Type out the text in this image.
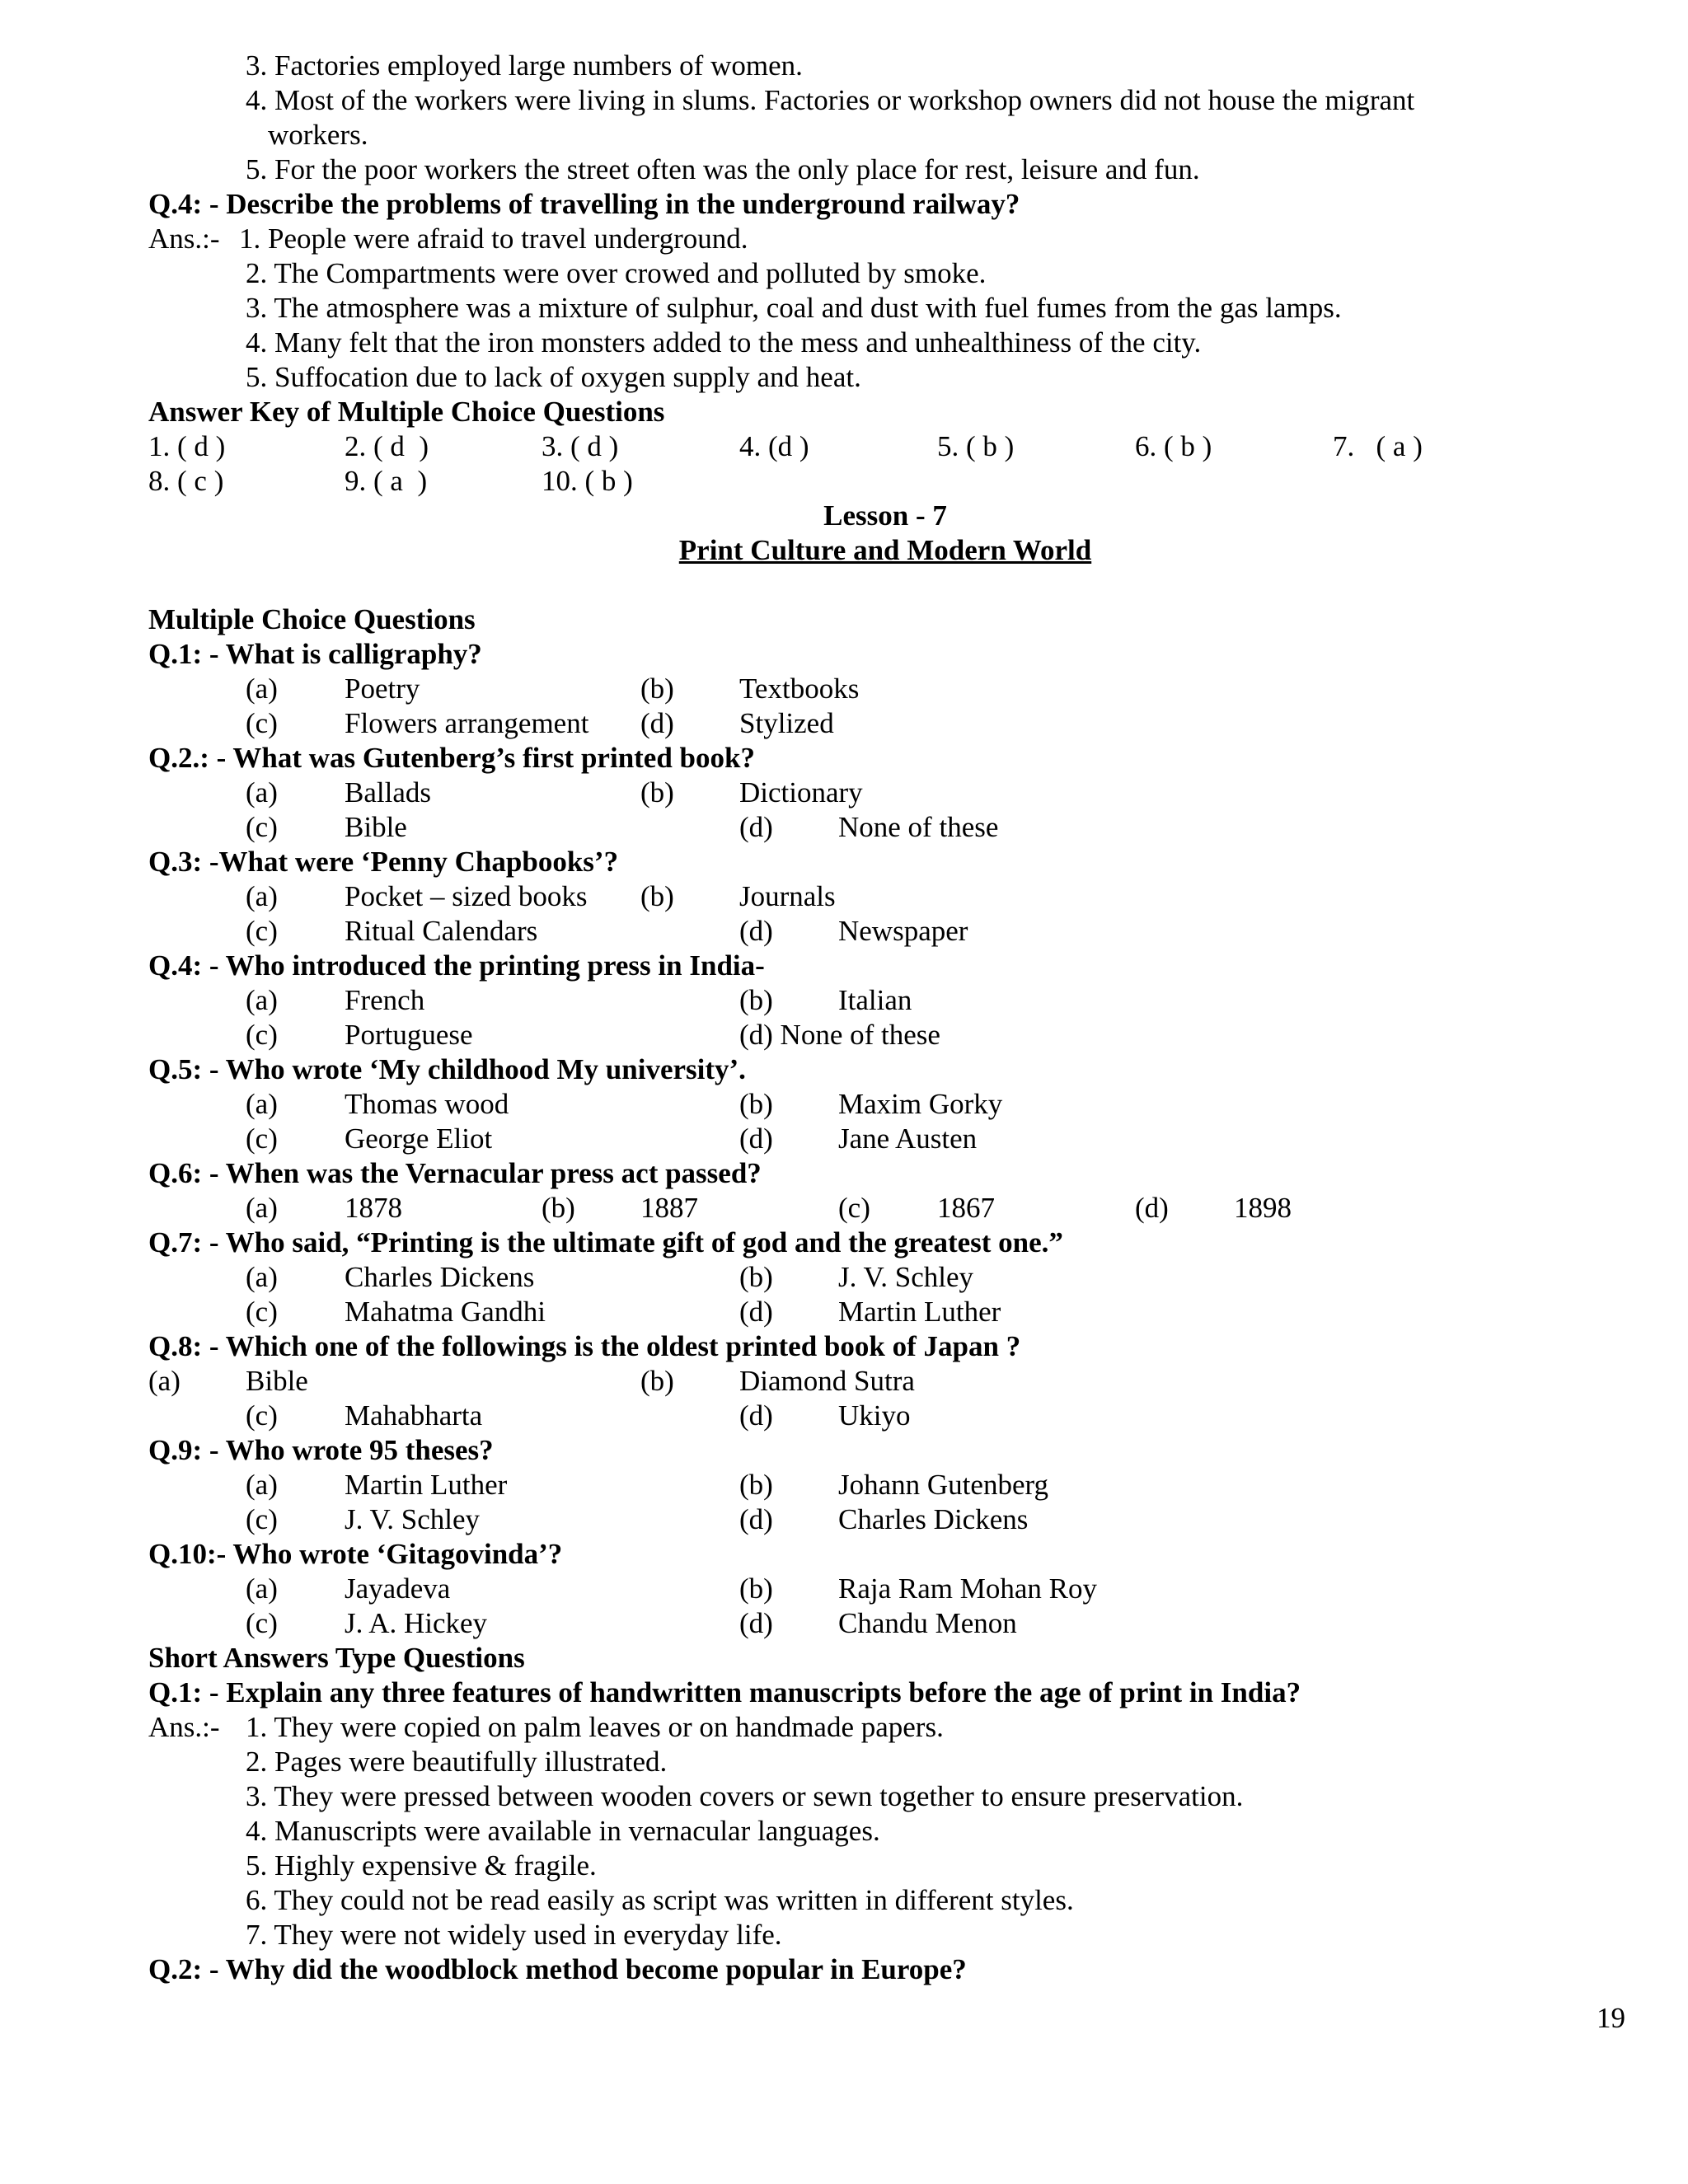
3. Factories employed large numbers of women.
4. Most of the workers were living in slums. Factories or workshop owners did not house the migrant
workers.
5. For the poor workers the street often was the only place for rest, leisure and fun.
Q.4: - Describe the problems of travelling in the underground railway?
Ans.:- 1. People were afraid to travel underground.
2. The Compartments were over crowed and polluted by smoke.
3. The atmosphere was a mixture of sulphur, coal and dust with fuel fumes from the gas lamps.
4. Many felt that the iron monsters added to the mess and unhealthiness of the city.
5. Suffocation due to lack of oxygen supply and heat.
Answer Key of Multiple Choice Questions
1. ( d )	2. ( d  )	3. ( d )	4. (d )	5. ( b )	6. ( b )	7.   ( a )
8. ( c )	9. ( a  )	10. ( b )
Lesson - 7
Print Culture and Modern World
Multiple Choice Questions
Q.1: - What is calligraphy?
(a) Poetry	(b) Textbooks
(c) Flowers arrangement (d) Stylized
Q.2.: - What was Gutenberg’s first printed book?
(a) Ballads	(b) Dictionary
(c) Bible	(d) None of these
Q.3: -What were ‘Penny Chapbooks’?
(a) Pocket – sized books (b) Journals
(c) Ritual Calendars	(d) Newspaper
Q.4: - Who introduced the printing press in India-
(a) French	(b) Italian
(c) Portuguese	(d) None of these
Q.5: - Who wrote ‘My childhood My university’.
(a) Thomas wood	(b) Maxim Gorky
(c) George Eliot	(d) Jane Austen
Q.6: - When was the Vernacular press act passed?
(a) 1878	(b) 1887	(c) 1867	(d) 1898
Q.7: - Who said, “Printing is the ultimate gift of god and the greatest one.”
(a) Charles Dickens	(b) J. V. Schley
(c) Mahatma Gandhi	(d) Martin Luther
Q.8: - Which one of the followings is the oldest printed book of Japan ?
(a) Bible	(b) Diamond Sutra
(c) Mahabharta	(d) Ukiyo
Q.9: - Who wrote 95 theses?
(a) Martin Luther	(b) Johann Gutenberg
(c) J. V. Schley	(d) Charles Dickens
Q.10:- Who wrote ‘Gitagovinda’?
(a) Jayadeva	(b) Raja Ram Mohan Roy
(c) J. A. Hickey	(d) Chandu Menon
Short Answers Type Questions
Q.1: - Explain any three features of handwritten manuscripts before the age of print in India?
Ans.:- 1. They were copied on palm leaves or on handmade papers.
2. Pages were beautifully illustrated.
3. They were pressed between wooden covers or sewn together to ensure preservation.
4. Manuscripts were available in vernacular languages.
5. Highly expensive & fragile.
6. They could not be read easily as script was written in different styles.
7. They were not widely used in everyday life.
Q.2: - Why did the woodblock method become popular in Europe?
19
